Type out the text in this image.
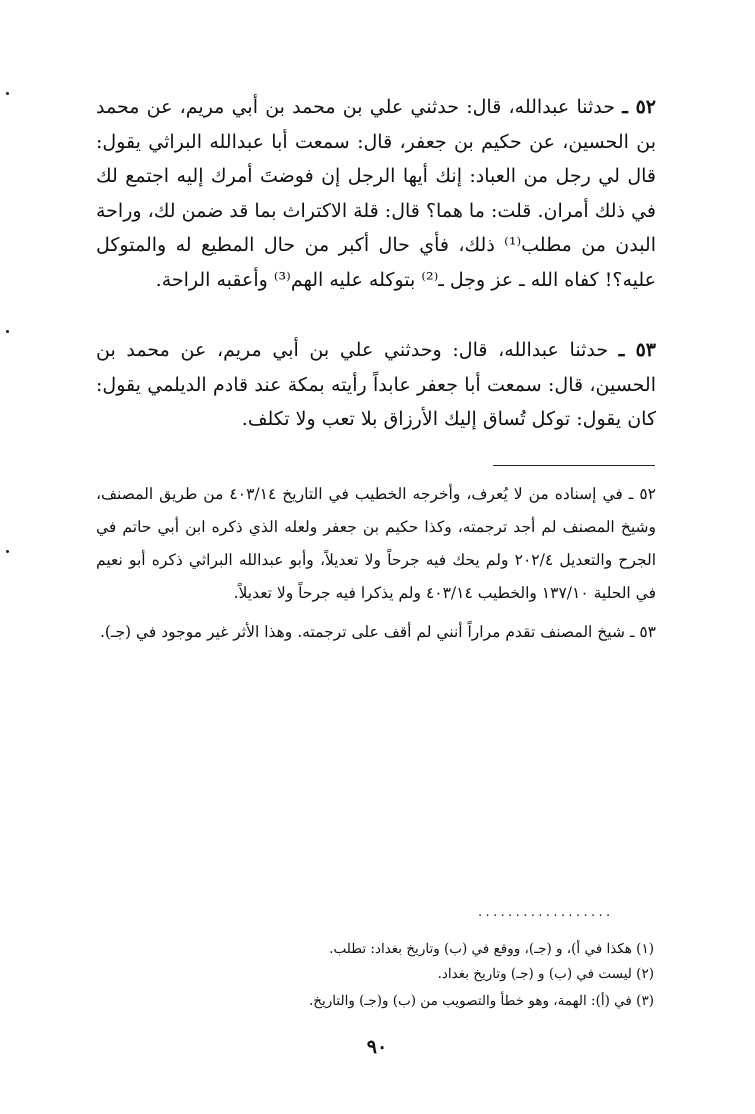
٥٢ ـ حدثنا عبدالله، قال: حدثني علي بن محمد بن أبي مريم، عن محمد بن الحسين، عن حكيم بن جعفر، قال: سمعت أبا عبدالله البراثي يقول: قال لي رجل من العباد: إنك أيها الرجل إن فوضتَ أمرك إليه اجتمع لك في ذلك أمران. قلت: ما هما؟ قال: قلة الاكتراث بما قد ضمن لك، وراحة البدن من مطلب⁽¹⁾ ذلك، فأي حال أكبر من حال المطيع له والمتوكل عليه؟! كفاه الله ـ عز وجل ـ⁽²⁾ بتوكله عليه الهم⁽³⁾ وأعقبه الراحة.

٥٣ ـ حدثنا عبدالله، قال: وحدثني علي بن أبي مريم، عن محمد بن الحسين، قال: سمعت أبا جعفر عابداً رأيته بمكة عند قادم الديلمي يقول: كان يقول: توكل تُساق إليك الأرزاق بلا تعب ولا تكلف.

٥٢ ـ في إسناده من لا يُعرف، وأخرجه الخطيب في التاريخ ٤٠٣/١٤ من طريق المصنف، وشيخ المصنف لم أجد ترجمته، وكذا حكيم بن جعفر ولعله الذي ذكره ابن أبي حاتم في الجرح والتعديل ٢٠٢/٤ ولم يحك فيه جرحاً ولا تعديلاً، وأبو عبدالله البراثي ذكره أبو نعيم في الحلية ١٣٧/١٠ والخطيب ٤٠٣/١٤ ولم يذكرا فيه جرحاً ولا تعديلاً.

٥٣ ـ شيخ المصنف تقدم مراراً أنني لم أقف على ترجمته. وهذا الأثر غير موجود في (جـ).

..................
(١) هكذا في أ)، و (جـ)، ووقع في (ب) وتاريخ بغداد: تطلب.
(٢) ليست في (ب) و (جـ) وتاريخ بغداد.
(٣) في (أ): الهمة، وهو خطأ والتصويب من (ب) و(جـ) والتاريخ.
٩٠
